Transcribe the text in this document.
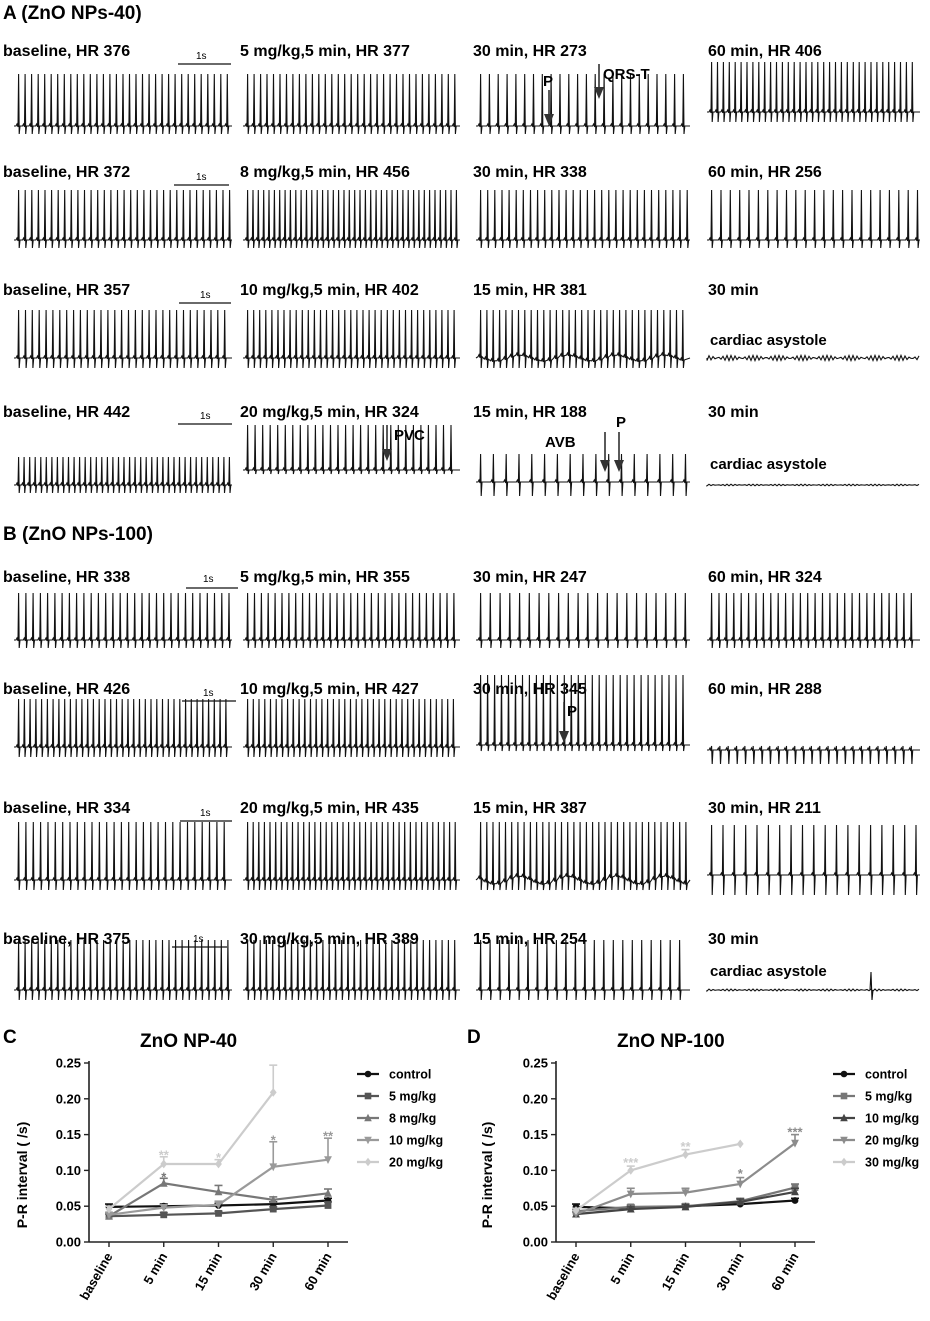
A (ZnO NPs-40)
B (ZnO NPs-100)
baseline, HR 376	5 mg/kg,5 min, HR 377	30 min, HR 273	60 min, HR 406
baseline, HR 372	8 mg/kg,5 min, HR 456	30 min, HR 338	60 min, HR 256
baseline, HR 357	10 mg/kg,5 min, HR 402	15 min, HR 381	30 min
baseline, HR 442	20 mg/kg,5 min, HR 324	15 min, HR 188	30 min
baseline, HR 338	5 mg/kg,5 min, HR 355	30 min, HR 247	60 min, HR 324
baseline, HR 426	10 mg/kg,5 min, HR 427	30 min, HR 345	60 min, HR 288
baseline, HR 334	20 mg/kg,5 min, HR 435	15 min, HR 387	30 min, HR 211
baseline, HR 375	30 mg/kg,5 min, HR 389	15 min, HR 254	30 min
1s
1s
1s
1s
1s
1s
1s
1s
P	QRS-T
cardiac asystole
cardiac asystole
cardiac asystole
PVC	AVB
P
P
C	ZnO NP-40
P-R interval ( /s)
0.00
0.05
0.10
0.15
0.20
0.25
baseline 5 min 15 min 30 min 60 min
**
*
*
*	**
control
5 mg/kg
8 mg/kg
10 mg/kg
20 mg/kg
D	ZnO NP-100
P-R interval ( /s)
0.00
0.05
0.10
0.15
0.20
0.25
baseline 5 min 15 min 30 min 60 min
***
**
*
***
control
5 mg/kg
10 mg/kg
20 mg/kg
30 mg/kg
